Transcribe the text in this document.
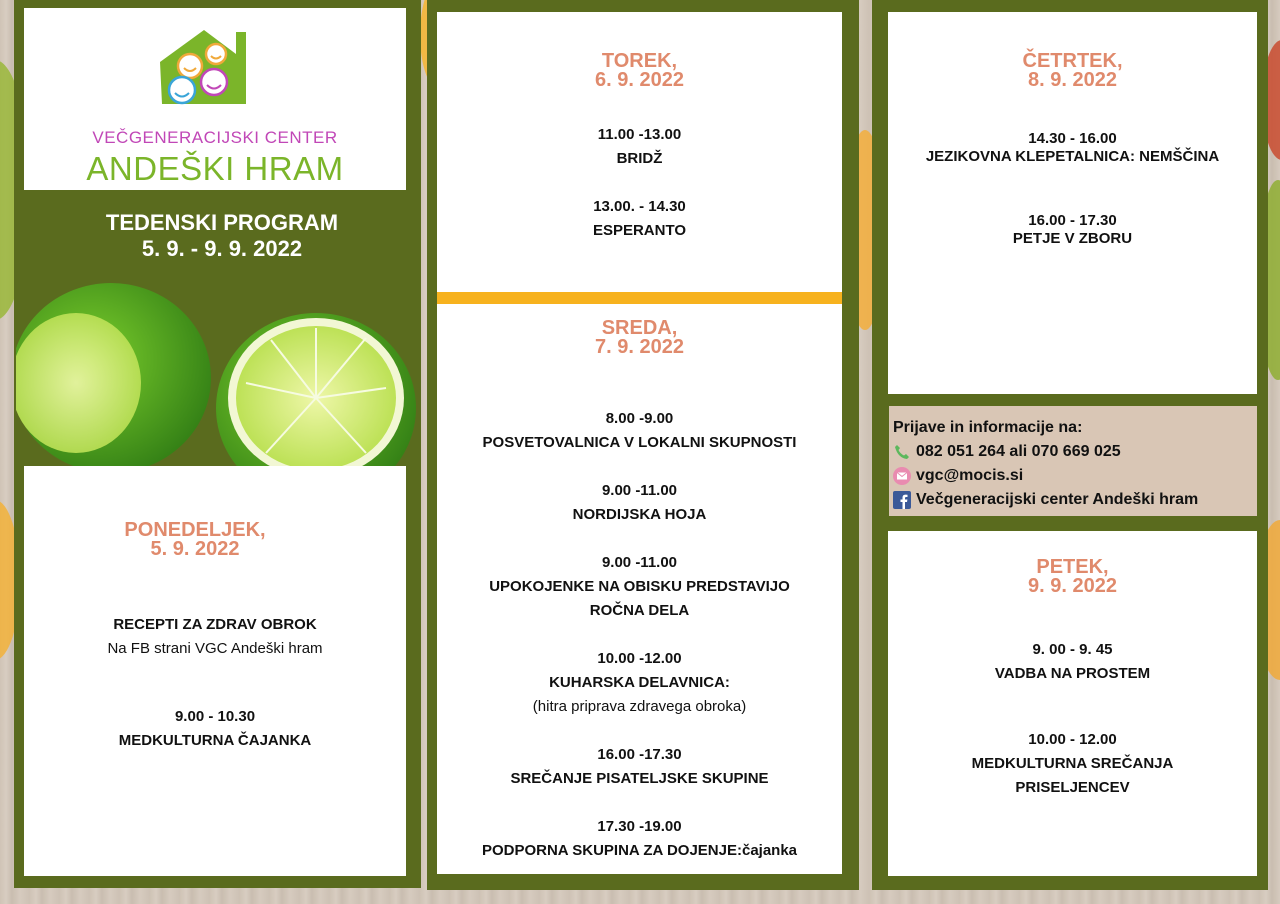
VEČGENERACIJSKI CENTER
ANDEŠKI HRAM
TEDENSKI PROGRAM
5. 9. - 9. 9. 2022
PONEDELJEK,
5. 9. 2022
RECEPTI ZA ZDRAV OBROK
Na FB strani VGC Andeški hram
9.00 - 10.30
MEDKULTURNA ČAJANKA
TOREK,
6. 9. 2022
11.00 -13.00
BRIDŽ
13.00. - 14.30
ESPERANTO
SREDA,
7. 9. 2022
8.00 -9.00
POSVETOVALNICA V LOKALNI SKUPNOSTI
9.00 -11.00
NORDIJSKA HOJA
9.00 -11.00
UPOKOJENKE NA OBISKU PREDSTAVIJO
ROČNA DELA
10.00 -12.00
KUHARSKA DELAVNICA:
(hitra priprava zdravega obroka)
16.00 -17.30
SREČANJE PISATELJSKE SKUPINE
17.30 -19.00
PODPORNA SKUPINA ZA DOJENJE:čajanka
ČETRTEK,
8. 9. 2022
14.30 - 16.00
JEZIKOVNA KLEPETALNICA: NEMŠČINA
16.00 - 17.30
PETJE V ZBORU
Prijave in informacije na:
082 051 264 ali 070 669 025
vgc@mocis.si
Večgeneracijski center Andeški hram
PETEK,
9. 9. 2022
9. 00 - 9. 45
VADBA NA PROSTEM
10.00 - 12.00
MEDKULTURNA SREČANJA
PRISELJENCEV
